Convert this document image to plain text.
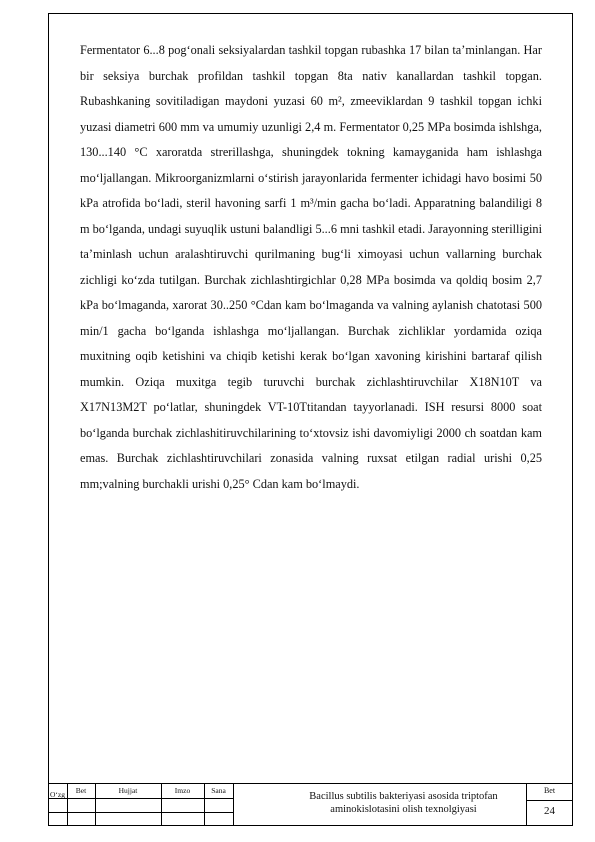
Fermentator 6...8 pog‘onali seksiyalardan tashkil topgan rubashka 17 bilan ta’minlangan. Har bir seksiya burchak profildan tashkil topgan 8ta nativ kanallardan tashkil topgan. Rubashkaning sovitiladigan maydoni yuzasi 60 m², zmeeviklardan 9 tashkil topgan ichki yuzasi diametri 600 mm va umumiy uzunligi 2,4 m. Fermentator 0,25 MPa bosimda ishlshga, 130...140 °C xaroratda strerillashga, shuningdek tokning kamayganida ham ishlashga mo‘ljallangan. Mikroorganizmlarni o‘stirish jarayonlarida fermenter ichidagi havo bosimi 50 kPa atrofida bo‘ladi, steril havoning sarfi 1 m³/min gacha bo‘ladi. Apparatning balandiligi 8 m bo‘lganda, undagi suyuqlik ustuni balandligi 5...6 mni tashkil etadi. Jarayonning sterilligini ta’minlash uchun aralashtiruvchi qurilmaning bug‘li ximoyasi uchun vallarning burchak zichligi ko‘zda tutilgan. Burchak zichlashtirgichlar 0,28 MPa bosimda va qoldiq bosim 2,7 kPa bo‘lmaganda, xarorat 30..250 °Cdan kam bo‘lmaganda va valning aylanish chatotasi 500 min/1 gacha bo‘lganda ishlashga mo‘ljallangan. Burchak zichliklar yordamida oziqa muxitning oqib ketishini va chiqib ketishi kerak bo‘lgan xavoning kirishini bartaraf qilish mumkin. Oziqa muxitga tegib turuvchi burchak zichlashtiruvchilar X18N10T va X17N13M2T po‘latlar, shuningdek VT-10Ttitandan tayyorlanadi. ISH resursi 8000 soat bo‘lganda burchak zichlashitiruvchilarining to‘xtovsiz ishi davomiyligi 2000 ch soatdan kam emas. Burchak zichlashtiruvchilari zonasida valning ruxsat etilgan radial urishi 0,25 mm;valning burchakli urishi 0,25° Cdan kam bo‘lmaydi.

O‘zg	Bet	Hujjat	Imzo	Sana
Bacillus subtilis bakteriyasi asosida triptofan
aminokislotasini olish texnolgiyasi
Bet
24
